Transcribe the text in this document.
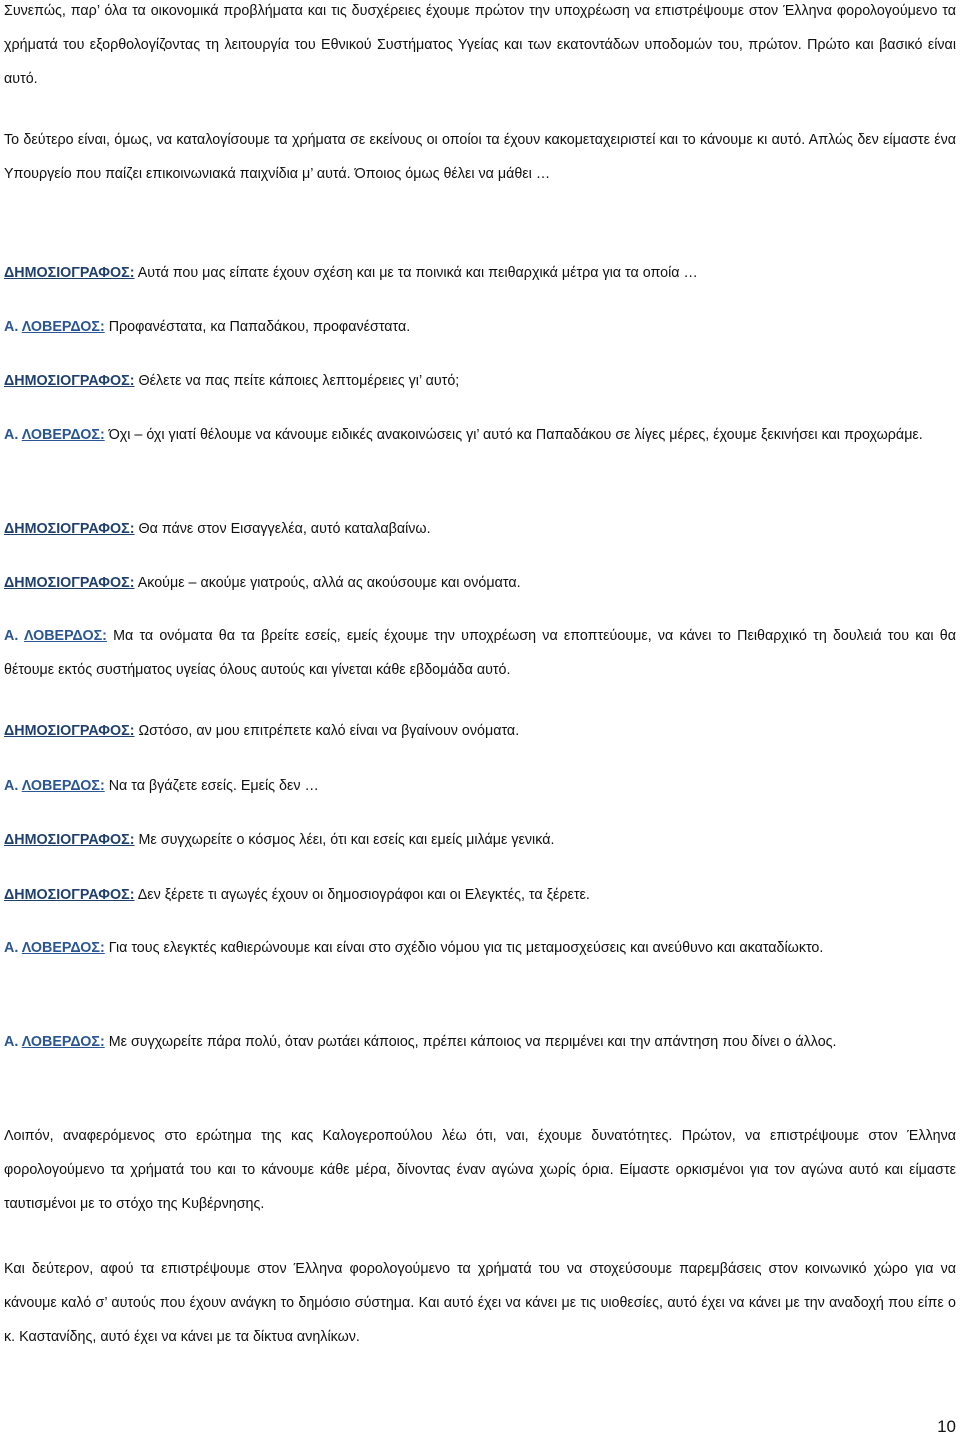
Συνεπώς, παρ’ όλα τα οικονομικά προβλήματα και τις δυσχέρειες έχουμε πρώτον την υποχρέωση να επιστρέψουμε στον Έλληνα φορολογούμενο τα χρήματά του εξορθολογίζοντας τη λειτουργία του Εθνικού Συστήματος Υγείας και των εκατοντάδων υποδομών του, πρώτον. Πρώτο και βασικό είναι αυτό.

Το δεύτερο είναι, όμως, να καταλογίσουμε τα χρήματα σε εκείνους οι οποίοι τα έχουν κακομεταχειριστεί και το κάνουμε κι αυτό. Απλώς δεν είμαστε ένα Υπουργείο που παίζει επικοινωνιακά παιχνίδια μ’ αυτά. Όποιος όμως θέλει να μάθει …

ΔΗΜΟΣΙΟΓΡΑΦΟΣ: Αυτά που μας είπατε έχουν σχέση και με τα ποινικά και πειθαρχικά μέτρα για τα οποία …

Α. ΛΟΒΕΡΔΟΣ: Προφανέστατα, κα Παπαδάκου, προφανέστατα.

ΔΗΜΟΣΙΟΓΡΑΦΟΣ: Θέλετε να πας πείτε κάποιες λεπτομέρειες γι’ αυτό;

Α. ΛΟΒΕΡΔΟΣ: Όχι – όχι γιατί θέλουμε να κάνουμε ειδικές ανακοινώσεις γι’ αυτό κα Παπαδάκου σε λίγες μέρες, έχουμε ξεκινήσει και προχωράμε.

ΔΗΜΟΣΙΟΓΡΑΦΟΣ: Θα πάνε στον Εισαγγελέα, αυτό καταλαβαίνω.

ΔΗΜΟΣΙΟΓΡΑΦΟΣ: Ακούμε – ακούμε γιατρούς, αλλά ας ακούσουμε και ονόματα.

Α. ΛΟΒΕΡΔΟΣ: Μα τα ονόματα θα τα βρείτε εσείς, εμείς έχουμε την υποχρέωση να εποπτεύουμε, να κάνει το Πειθαρχικό τη δουλειά του και θα θέτουμε εκτός συστήματος υγείας όλους αυτούς και γίνεται κάθε εβδομάδα αυτό.

ΔΗΜΟΣΙΟΓΡΑΦΟΣ: Ωστόσο, αν μου επιτρέπετε καλό είναι να βγαίνουν ονόματα.

Α. ΛΟΒΕΡΔΟΣ: Να τα βγάζετε εσείς. Εμείς δεν …

ΔΗΜΟΣΙΟΓΡΑΦΟΣ: Με συγχωρείτε ο κόσμος λέει, ότι και εσείς και εμείς μιλάμε γενικά.

ΔΗΜΟΣΙΟΓΡΑΦΟΣ: Δεν ξέρετε τι αγωγές έχουν οι δημοσιογράφοι και οι Ελεγκτές, τα ξέρετε.

Α. ΛΟΒΕΡΔΟΣ: Για τους ελεγκτές καθιερώνουμε και είναι στο σχέδιο νόμου για τις μεταμοσχεύσεις και ανεύθυνο και ακαταδίωκτο.

Α. ΛΟΒΕΡΔΟΣ: Με συγχωρείτε πάρα πολύ, όταν ρωτάει κάποιος, πρέπει κάποιος να περιμένει και την απάντηση που δίνει ο άλλος.

Λοιπόν, αναφερόμενος στο ερώτημα της κας Καλογεροπούλου λέω ότι, ναι, έχουμε δυνατότητες. Πρώτον, να επιστρέψουμε στον Έλληνα φορολογούμενο τα χρήματά του και το κάνουμε κάθε μέρα, δίνοντας έναν αγώνα χωρίς όρια. Είμαστε ορκισμένοι για τον αγώνα αυτό και είμαστε ταυτισμένοι με το στόχο της Κυβέρνησης.

Και δεύτερον, αφού τα επιστρέψουμε στον Έλληνα φορολογούμενο τα χρήματά του να στοχεύσουμε παρεμβάσεις στον κοινωνικό χώρο για να κάνουμε καλό σ’ αυτούς που έχουν ανάγκη το δημόσιο σύστημα. Και αυτό έχει να κάνει με τις υιοθεσίες, αυτό έχει να κάνει με την αναδοχή που είπε ο κ. Καστανίδης, αυτό έχει να κάνει με τα δίκτυα ανηλίκων.

10
